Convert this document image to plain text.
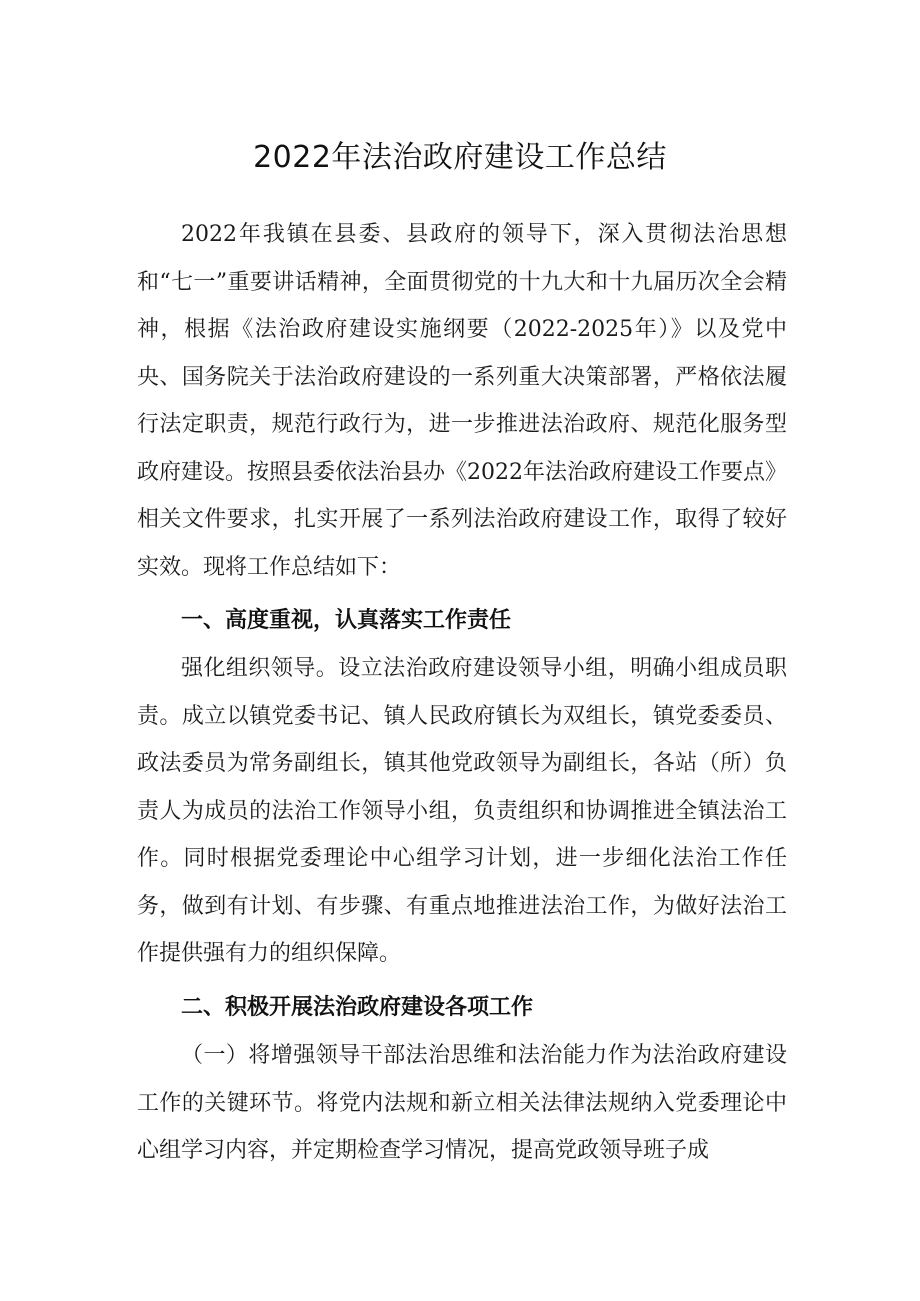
2022年法治政府建设工作总结

2022年我镇在县委、县政府的领导下，深入贯彻法治思想和“七一”重要讲话精神，全面贯彻党的十九大和十九届历次全会精神，根据《法治政府建设实施纲要（2022-2025年）》以及党中央、国务院关于法治政府建设的一系列重大决策部署，严格依法履行法定职责，规范行政行为，进一步推进法治政府、规范化服务型政府建设。按照县委依法治县办《2022年法治政府建设工作要点》相关文件要求，扎实开展了一系列法治政府建设工作，取得了较好实效。现将工作总结如下：

一、高度重视，认真落实工作责任

强化组织领导。设立法治政府建设领导小组，明确小组成员职责。成立以镇党委书记、镇人民政府镇长为双组长，镇党委委员、政法委员为常务副组长，镇其他党政领导为副组长，各站（所）负责人为成员的法治工作领导小组，负责组织和协调推进全镇法治工作。同时根据党委理论中心组学习计划，进一步细化法治工作任务，做到有计划、有步骤、有重点地推进法治工作，为做好法治工作提供强有力的组织保障。

二、积极开展法治政府建设各项工作

（一）将增强领导干部法治思维和法治能力作为法治政府建设工作的关键环节。将党内法规和新立相关法律法规纳入党委理论中心组学习内容，并定期检查学习情况，提高党政领导班子成
